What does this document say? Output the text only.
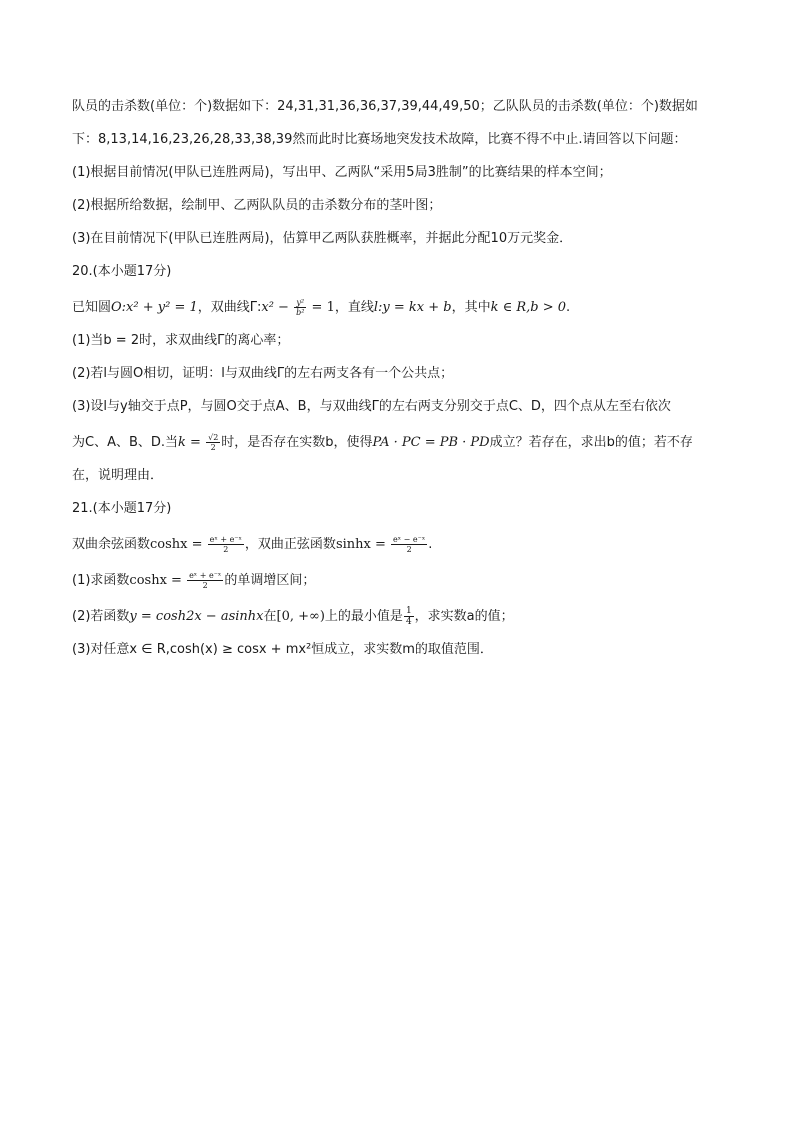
队员的击杀数(单位：个)数据如下：24,31,31,36,36,37,39,44,49,50；乙队队员的击杀数(单位：个)数据如
下：8,13,14,16,23,26,28,33,38,39然而此时比赛场地突发技术故障，比赛不得不中止.请回答以下问题：
(1)根据目前情况(甲队已连胜两局)，写出甲、乙两队“采用5局3胜制”的比赛结果的样本空间；
(2)根据所给数据，绘制甲、乙两队队员的击杀数分布的茎叶图；
(3)在目前情况下(甲队已连胜两局)，估算甲乙两队获胜概率，并据此分配10万元奖金．
20.(本小题17分)
已知圆O:x² + y² = 1，双曲线Γ:x² − $\frac{\text{y²}}{\text{b²}} = 1$，直线l:y = kx + b，其中k ∈ R,b > 0.
(1)当b = 2时，求双曲线Γ的离心率；
(2)若l与圆O相切，证明：l与双曲线Γ的左右两支各有一个公共点；
(3)设l与y轴交于点P，与圆O交于点A、B，与双曲线Γ的左右两支分别交于点C、D，四个点从左至右依次
为C、A、B、D.当$k = \frac{√2}{2}$ 时，是否存在实数b，使得PA · PC = PB · PD成立？若存在，求出b的值；若不存
在，说明理由．
21.(本小题17分)
双曲余弦函数$\cosh x = \frac{\text{eˣ + e⁻ˣ}}{2}$ ，双曲正弦函数$\sinh x = \frac{\text{eˣ − e⁻ˣ}}{2}$ .
(1)求函数$\cosh x = \frac{\text{eˣ + e⁻ˣ}}{2}$ 的单调增区间；
(2)若函数y = cosh2x − asinhx在[0, +∞)上的最小值是 $\frac{1}{4}$ ，求实数a的值；
(3)对任意x ∈ R,cosh(x) ≥ cosx + mx²恒成立，求实数m的取值范围．
